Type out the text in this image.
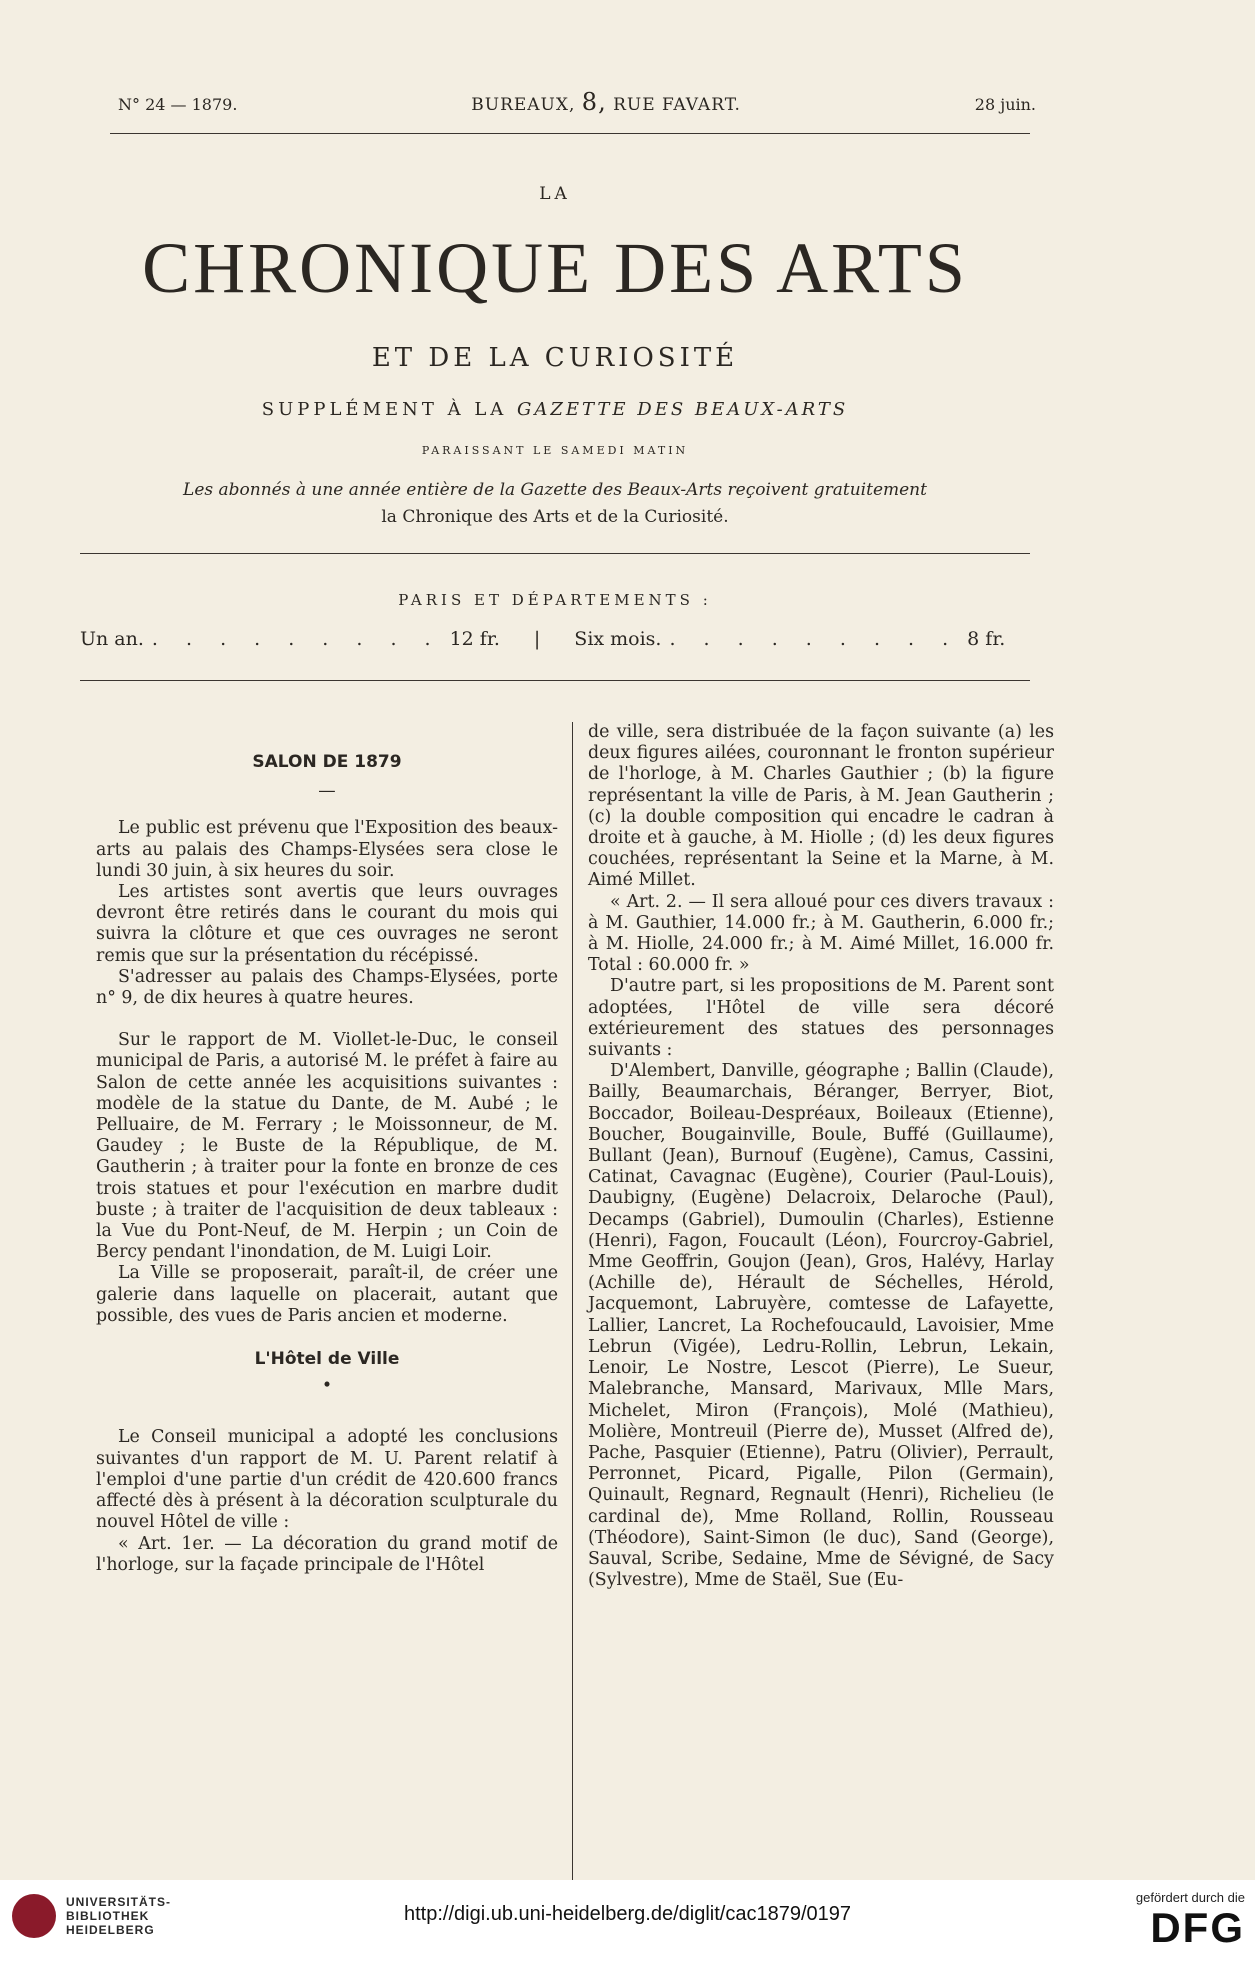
N° 24 — 1879.	BUREAUX, 8, RUE FAVART.	28 juin.
LA
CHRONIQUE DES ARTS
ET DE LA CURIOSITÉ
SUPPLÉMENT À LA GAZETTE DES BEAUX-ARTS
PARAISSANT LE SAMEDI MATIN
Les abonnés à une année entière de la Gazette des Beaux-Arts reçoivent gratuitement
la Chronique des Arts et de la Curiosité.
PARIS ET DÉPARTEMENTS :
Un an. . . . . . . . . . 12 fr. | Six mois. . . . . . . . . . 8 fr.

SALON DE 1879

—

Le public est prévenu que l'Exposition des beaux-arts au palais des Champs-Elysées sera close le lundi 30 juin, à six heures du soir.

Les artistes sont avertis que leurs ouvrages devront être retirés dans le courant du mois qui suivra la clôture et que ces ouvrages ne seront remis que sur la présentation du récépissé.

S'adresser au palais des Champs-Elysées, porte n° 9, de dix heures à quatre heures.

Sur le rapport de M. Viollet-le-Duc, le conseil municipal de Paris, a autorisé M. le préfet à faire au Salon de cette année les acquisitions suivantes : modèle de la statue du Dante, de M. Aubé ; le Pelluaire, de M. Ferrary ; le Moissonneur, de M. Gaudey ; le Buste de la République, de M. Gautherin ; à traiter pour la fonte en bronze de ces trois statues et pour l'exécution en marbre dudit buste ; à traiter de l'acquisition de deux tableaux : la Vue du Pont-Neuf, de M. Herpin ; un Coin de Bercy pendant l'inondation, de M. Luigi Loir.

La Ville se proposerait, paraît-il, de créer une galerie dans laquelle on placerait, autant que possible, des vues de Paris ancien et moderne.

L'Hôtel de Ville

•

Le Conseil municipal a adopté les conclusions suivantes d'un rapport de M. U. Parent relatif à l'emploi d'une partie d'un crédit de 420.600 francs affecté dès à présent à la décoration sculpturale du nouvel Hôtel de ville :

« Art. 1er. — La décoration du grand motif de l'horloge, sur la façade principale de l'Hôtel

de ville, sera distribuée de la façon suivante (a) les deux figures ailées, couronnant le fronton supérieur de l'horloge, à M. Charles Gauthier ; (b) la figure représentant la ville de Paris, à M. Jean Gautherin ; (c) la double composition qui encadre le cadran à droite et à gauche, à M. Hiolle ; (d) les deux figures couchées, représentant la Seine et la Marne, à M. Aimé Millet.

« Art. 2. — Il sera alloué pour ces divers travaux : à M. Gauthier, 14.000 fr.; à M. Gautherin, 6.000 fr.; à M. Hiolle, 24.000 fr.; à M. Aimé Millet, 16.000 fr. Total : 60.000 fr. »

D'autre part, si les propositions de M. Parent sont adoptées, l'Hôtel de ville sera décoré extérieurement des statues des personnages suivants :

D'Alembert, Danville, géographe ; Ballin (Claude), Bailly, Beaumarchais, Béranger, Berryer, Biot, Boccador, Boileau-Despréaux, Boileaux (Etienne), Boucher, Bougainville, Boule, Buffé (Guillaume), Bullant (Jean), Burnouf (Eugène), Camus, Cassini, Catinat, Cavagnac (Eugène), Courier (Paul-Louis), Daubigny, (Eugène) Delacroix, Delaroche (Paul), Decamps (Gabriel), Dumoulin (Charles), Estienne (Henri), Fagon, Foucault (Léon), Fourcroy-Gabriel, Mme Geoffrin, Goujon (Jean), Gros, Halévy, Harlay (Achille de), Hérault de Séchelles, Hérold, Jacquemont, Labruyère, comtesse de Lafayette, Lallier, Lancret, La Rochefoucauld, Lavoisier, Mme Lebrun (Vigée), Ledru-Rollin, Lebrun, Lekain, Lenoir, Le Nostre, Lescot (Pierre), Le Sueur, Malebranche, Mansard, Marivaux, Mlle Mars, Michelet, Miron (François), Molé (Mathieu), Molière, Montreuil (Pierre de), Musset (Alfred de), Pache, Pasquier (Etienne), Patru (Olivier), Perrault, Perronnet, Picard, Pigalle, Pilon (Germain), Quinault, Regnard, Regnault (Henri), Richelieu (le cardinal de), Mme Rolland, Rollin, Rousseau (Théodore), Saint-Simon (le duc), Sand (George), Sauval, Scribe, Sedaine, Mme de Sévigné, de Sacy (Sylvestre), Mme de Staël, Sue (Eu-

UNIVERSITÄTS-
BIBLIOTHEK
HEIDELBERG
http://digi.ub.uni-heidelberg.de/diglit/cac1879/0197
gefördert durch die
DFG
